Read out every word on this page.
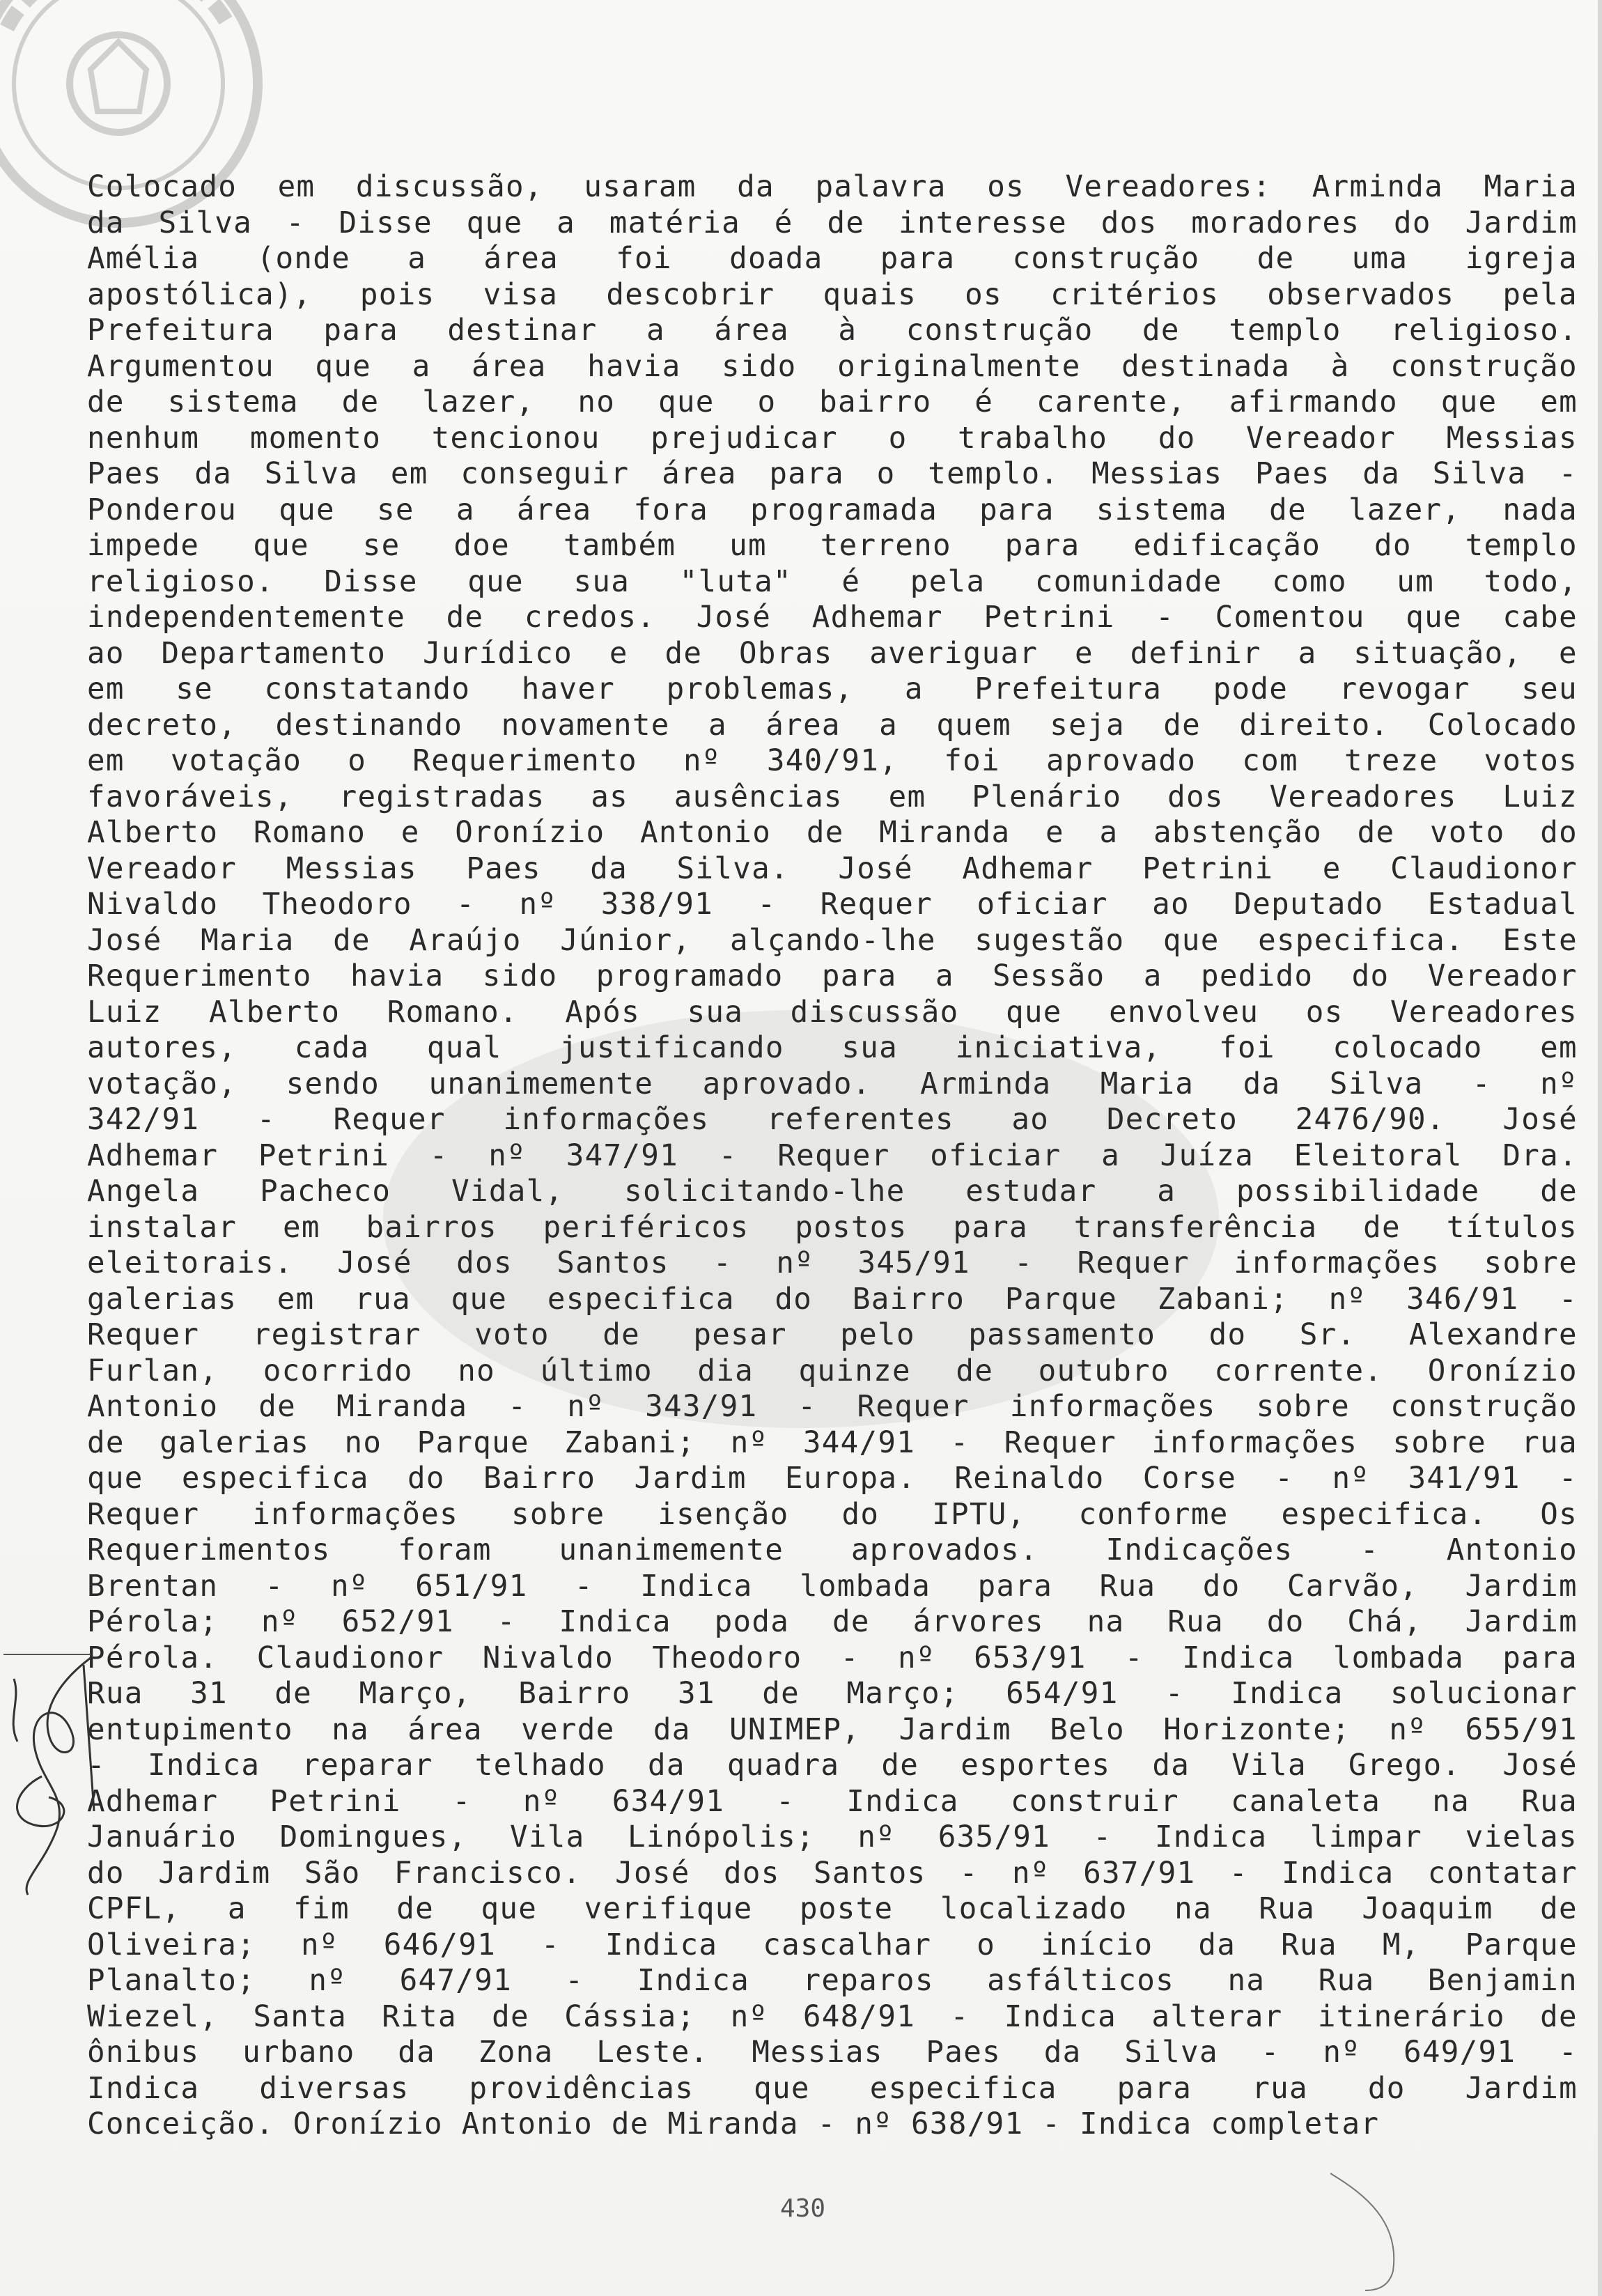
Colocado em discussão, usaram da palavra os Vereadores: Arminda Maria
da Silva - Disse que a matéria é de interesse dos moradores do Jardim
Amélia (onde a área foi doada para construção de uma igreja
apostólica), pois visa descobrir quais os critérios observados pela
Prefeitura para destinar a área à construção de templo religioso.
Argumentou que a área havia sido originalmente destinada à construção
de sistema de lazer, no que o bairro é carente, afirmando que em
nenhum momento tencionou prejudicar o trabalho do Vereador Messias
Paes da Silva em conseguir área para o templo. Messias Paes da Silva -
Ponderou que se a área fora programada para sistema de lazer, nada
impede que se doe também um terreno para edificação do templo
religioso. Disse que sua "luta" é pela comunidade como um todo,
independentemente de credos. José Adhemar Petrini - Comentou que cabe
ao Departamento Jurídico e de Obras averiguar e definir a situação, e
em se constatando haver problemas, a Prefeitura pode revogar seu
decreto, destinando novamente a área a quem seja de direito. Colocado
em votação o Requerimento nº 340/91, foi aprovado com treze votos
favoráveis, registradas as ausências em Plenário dos Vereadores Luiz
Alberto Romano e Oronízio Antonio de Miranda e a abstenção de voto do
Vereador Messias Paes da Silva. José Adhemar Petrini e Claudionor
Nivaldo Theodoro - nº 338/91 - Requer oficiar ao Deputado Estadual
José Maria de Araújo Júnior, alçando-lhe sugestão que especifica. Este
Requerimento havia sido programado para a Sessão a pedido do Vereador
Luiz Alberto Romano. Após sua discussão que envolveu os Vereadores
autores, cada qual justificando sua iniciativa, foi colocado em
votação, sendo unanimemente aprovado. Arminda Maria da Silva - nº
342/91 - Requer informações referentes ao Decreto 2476/90. José
Adhemar Petrini - nº 347/91 - Requer oficiar a Juíza Eleitoral Dra.
Angela Pacheco Vidal, solicitando-lhe estudar a possibilidade de
instalar em bairros periféricos postos para transferência de títulos
eleitorais. José dos Santos - nº 345/91 - Requer informações sobre
galerias em rua que especifica do Bairro Parque Zabani; nº 346/91 -
Requer registrar voto de pesar pelo passamento do Sr. Alexandre
Furlan, ocorrido no último dia quinze de outubro corrente. Oronízio
Antonio de Miranda - nº 343/91 - Requer informações sobre construção
de galerias no Parque Zabani; nº 344/91 - Requer informações sobre rua
que especifica do Bairro Jardim Europa. Reinaldo Corse - nº 341/91 -
Requer informações sobre isenção do IPTU, conforme especifica. Os
Requerimentos foram unanimemente aprovados. Indicações - Antonio
Brentan - nº 651/91 - Indica lombada para Rua do Carvão, Jardim
Pérola; nº 652/91 - Indica poda de árvores na Rua do Chá, Jardim
Pérola. Claudionor Nivaldo Theodoro - nº 653/91 - Indica lombada para
Rua 31 de Março, Bairro 31 de Março; 654/91 - Indica solucionar
entupimento na área verde da UNIMEP, Jardim Belo Horizonte; nº 655/91
- Indica reparar telhado da quadra de esportes da Vila Grego. José
Adhemar Petrini - nº 634/91 - Indica construir canaleta na Rua
Januário Domingues, Vila Linópolis; nº 635/91 - Indica limpar vielas
do Jardim São Francisco. José dos Santos - nº 637/91 - Indica contatar
CPFL, a fim de que verifique poste localizado na Rua Joaquim de
Oliveira; nº 646/91 - Indica cascalhar o início da Rua M, Parque
Planalto; nº 647/91 - Indica reparos asfálticos na Rua Benjamin
Wiezel, Santa Rita de Cássia; nº 648/91 - Indica alterar itinerário de
ônibus urbano da Zona Leste. Messias Paes da Silva - nº 649/91 -
Indica diversas providências que especifica para rua do Jardim
Conceição. Oronízio Antonio de Miranda - nº 638/91 - Indica completar
430
